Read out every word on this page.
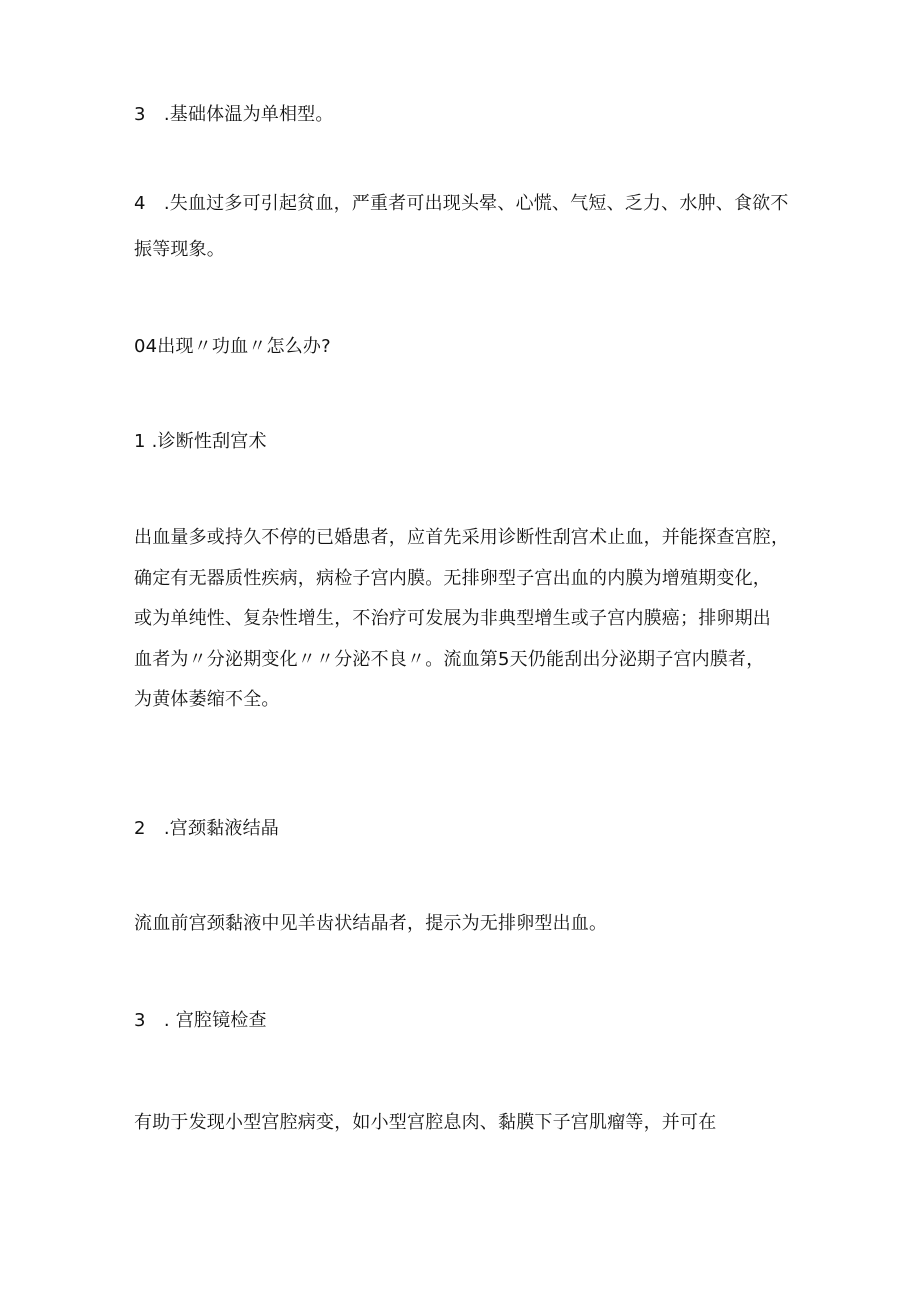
3　.基础体温为单相型。
4　.失血过多可引起贫血，严重者可出现头晕、心慌、气短、乏力、水肿、食欲不
振等现象。
04出现〃功血〃怎么办?
1 .诊断性刮宫术
出血量多或持久不停的已婚患者，应首先采用诊断性刮宫术止血，并能探查宫腔，
确定有无器质性疾病，病检子宫内膜。无排卵型子宫出血的内膜为增殖期变化，
或为单纯性、复杂性增生，不治疗可发展为非典型增生或子宫内膜癌；排卵期出
血者为〃分泌期变化〃〃分泌不良〃。流血第5天仍能刮出分泌期子宫内膜者，
为黄体萎缩不全。
2　.宫颈黏液结晶
流血前宫颈黏液中见羊齿状结晶者，提示为无排卵型出血。
3　. 宫腔镜检查
有助于发现小型宫腔病变，如小型宫腔息肉、黏膜下子宫肌瘤等，并可在
